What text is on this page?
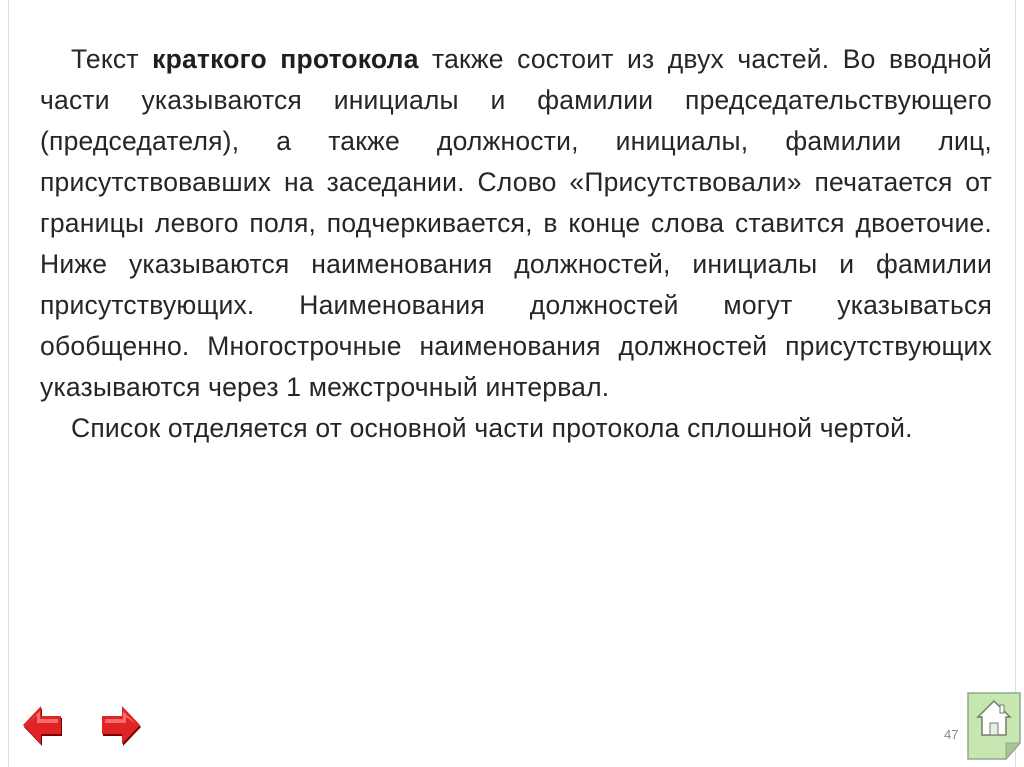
Текст краткого протокола также состоит из двух частей. Во вводной части указываются инициалы и фамилии председательствующего (председателя), а также должности, инициалы, фамилии лиц, присутствовавших на заседании. Слово «Присутствовали» печатается от границы левого поля, подчеркивается, в конце слова ставится двоеточие. Ниже указываются наименования должностей, инициалы и фамилии присутствующих. Наименования должностей могут указываться обобщенно. Многострочные наименования должностей присутствующих указываются через 1 межстрочный интервал.

Список отделяется от основной части протокола сплошной чертой.

47
